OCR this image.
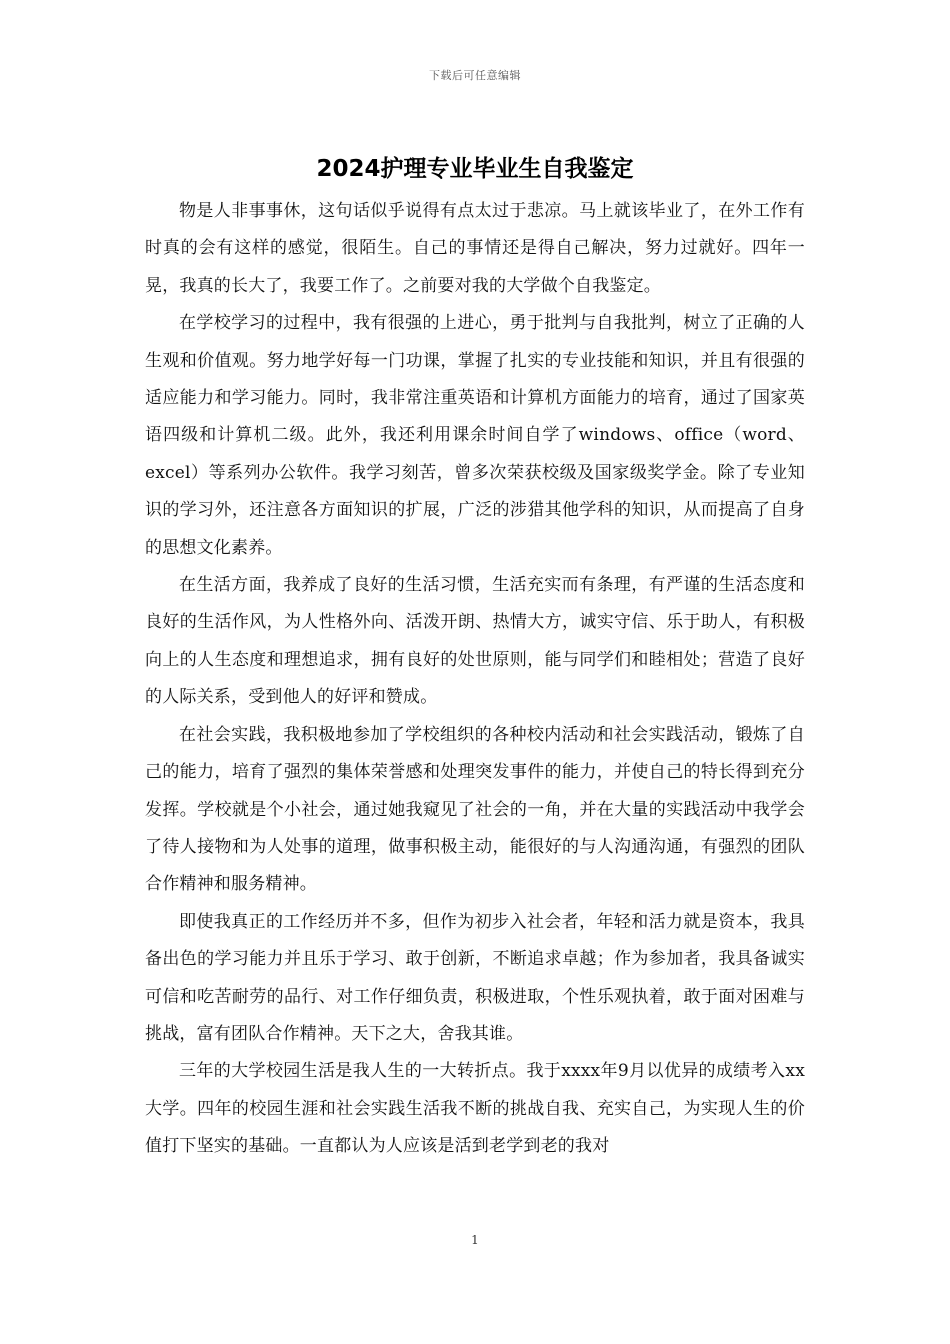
下载后可任意编辑
2024护理专业毕业生自我鉴定

物是人非事事休，这句话似乎说得有点太过于悲凉。马上就该毕业了，在外工作有时真的会有这样的感觉，很陌生。自己的事情还是得自己解决，努力过就好。四年一晃，我真的长大了，我要工作了。之前要对我的大学做个自我鉴定。

在学校学习的过程中，我有很强的上进心，勇于批判与自我批判，树立了正确的人生观和价值观。努力地学好每一门功课，掌握了扎实的专业技能和知识，并且有很强的适应能力和学习能力。同时，我非常注重英语和计算机方面能力的培育，通过了国家英语四级和计算机二级。此外，我还利用课余时间自学了windows、office（word、excel）等系列办公软件。我学习刻苦，曾多次荣获校级及国家级奖学金。除了专业知识的学习外，还注意各方面知识的扩展，广泛的涉猎其他学科的知识，从而提高了自身的思想文化素养。

在生活方面，我养成了良好的生活习惯，生活充实而有条理，有严谨的生活态度和良好的生活作风，为人性格外向、活泼开朗、热情大方，诚实守信、乐于助人，有积极向上的人生态度和理想追求，拥有良好的处世原则，能与同学们和睦相处；营造了良好的人际关系，受到他人的好评和赞成。

在社会实践，我积极地参加了学校组织的各种校内活动和社会实践活动，锻炼了自己的能力，培育了强烈的集体荣誉感和处理突发事件的能力，并使自己的特长得到充分发挥。学校就是个小社会，通过她我窥见了社会的一角，并在大量的实践活动中我学会了待人接物和为人处事的道理，做事积极主动，能很好的与人沟通沟通，有强烈的团队合作精神和服务精神。

即使我真正的工作经历并不多，但作为初步入社会者，年轻和活力就是资本，我具备出色的学习能力并且乐于学习、敢于创新，不断追求卓越；作为参加者，我具备诚实可信和吃苦耐劳的品行、对工作仔细负责，积极进取，个性乐观执着，敢于面对困难与挑战，富有团队合作精神。天下之大，舍我其谁。

三年的大学校园生活是我人生的一大转折点。我于xxxx年9月以优异的成绩考入xx大学。四年的校园生涯和社会实践生活我不断的挑战自我、充实自己，为实现人生的价值打下坚实的基础。一直都认为人应该是活到老学到老的我对

1
